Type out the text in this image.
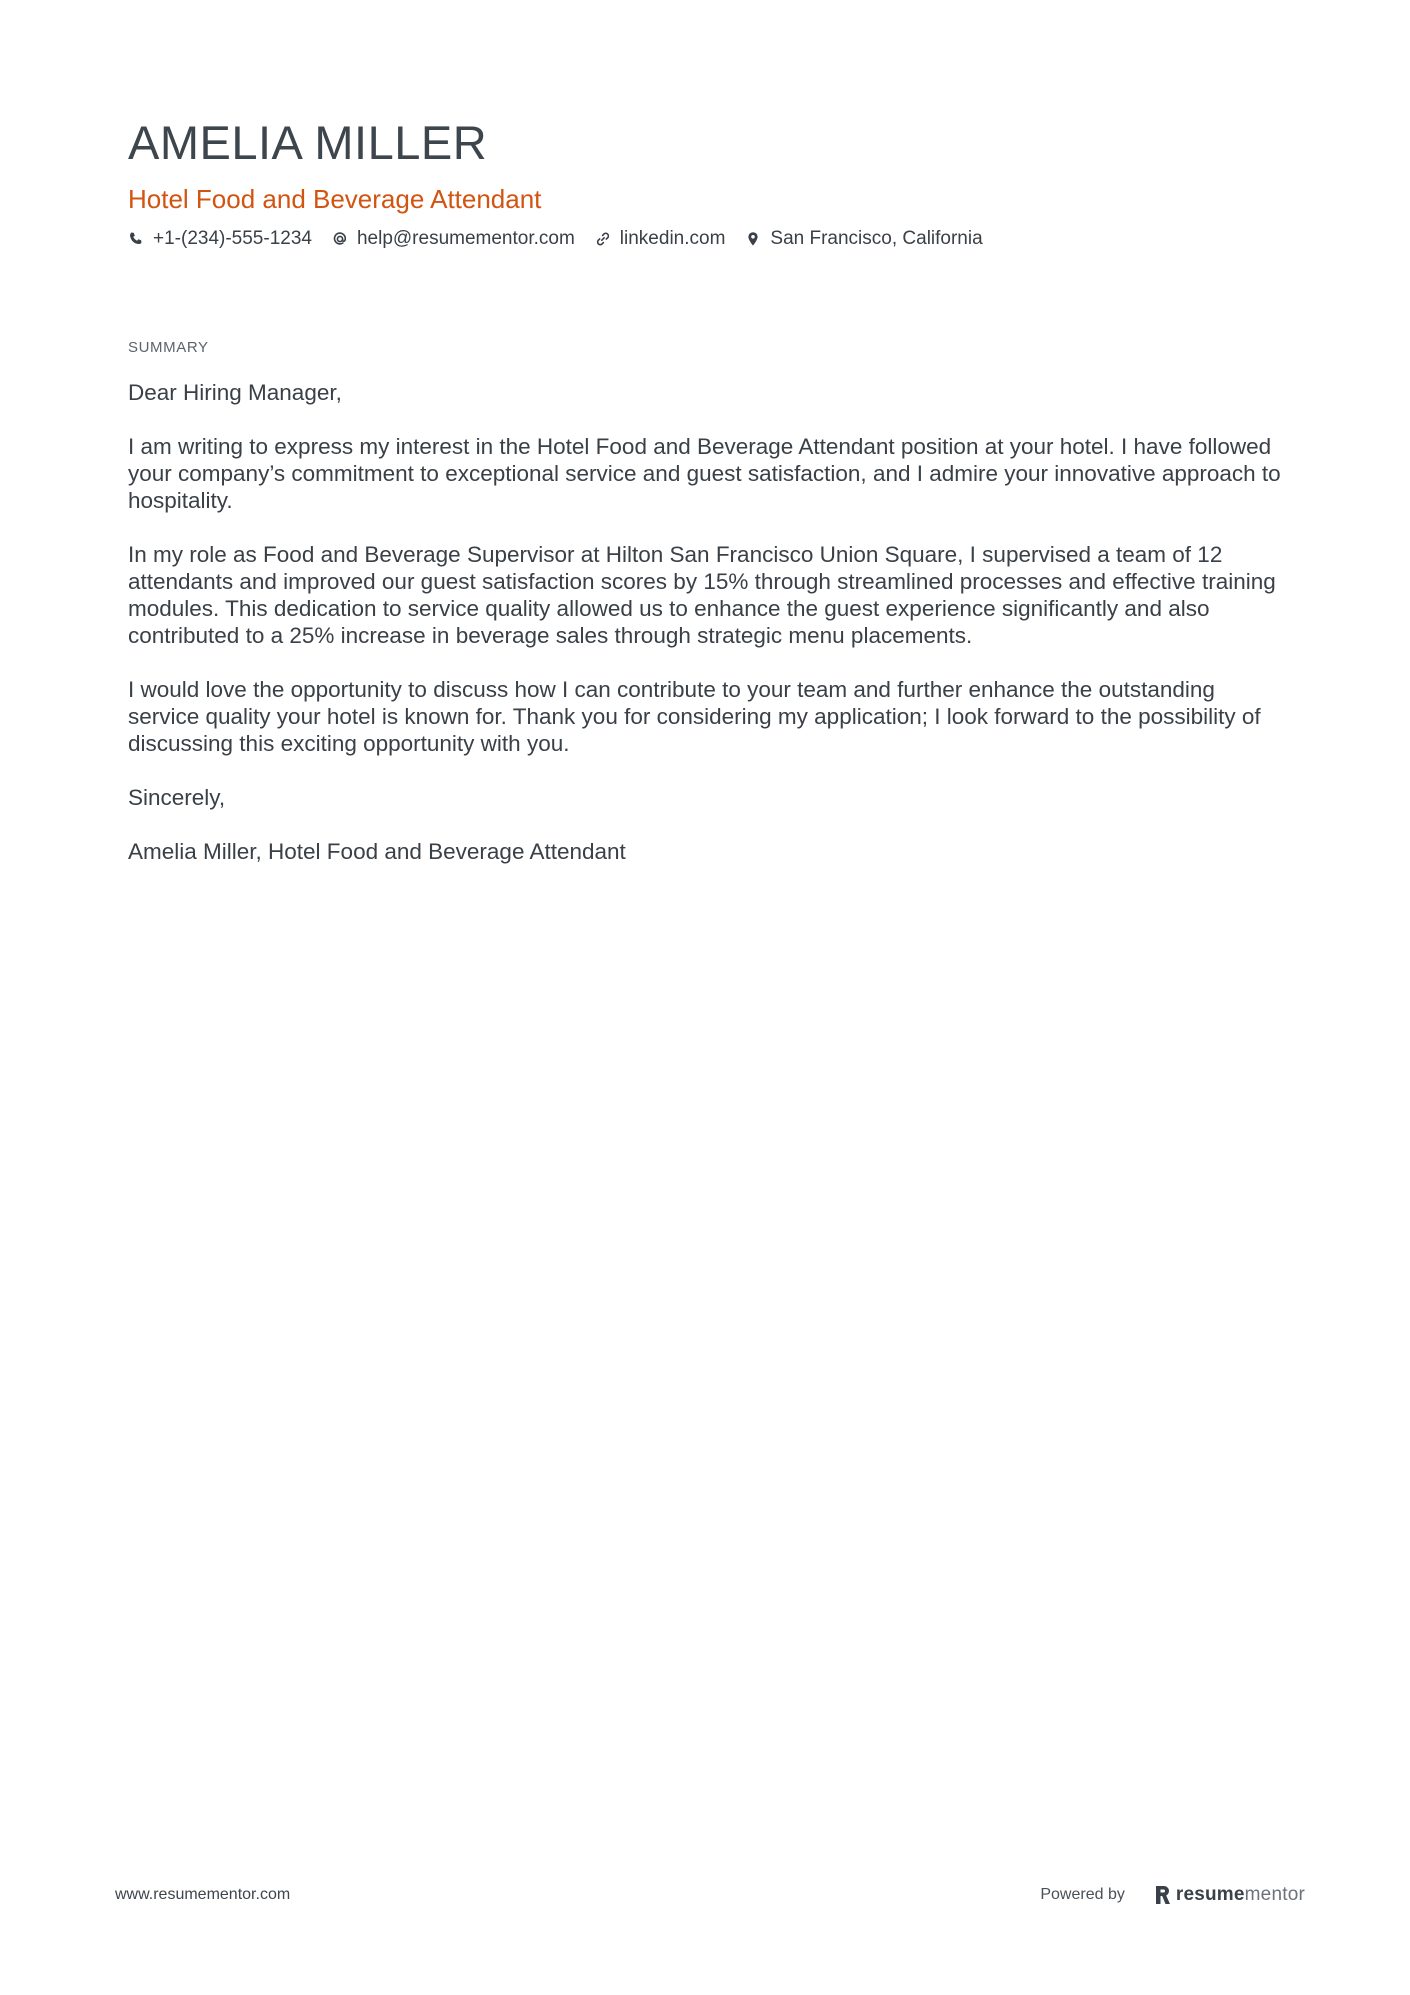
AMELIA MILLER
Hotel Food and Beverage Attendant
+1-(234)-555-1234 help@resumementor.com linkedin.com San Francisco, California
SUMMARY

Dear Hiring Manager,

I am writing to express my interest in the Hotel Food and Beverage Attendant position at your hotel. I have followed your company’s commitment to exceptional service and guest satisfaction, and I admire your innovative approach to hospitality.

In my role as Food and Beverage Supervisor at Hilton San Francisco Union Square, I supervised a team of 12 attendants and improved our guest satisfaction scores by 15% through streamlined processes and effective training modules. This dedication to service quality allowed us to enhance the guest experience significantly and also contributed to a 25% increase in beverage sales through strategic menu placements.

I would love the opportunity to discuss how I can contribute to your team and further enhance the outstanding service quality your hotel is known for. Thank you for considering my application; I look forward to the possibility of discussing this exciting opportunity with you.

Sincerely,

Amelia Miller, Hotel Food and Beverage Attendant

www.resumementor.com	Powered by	resume mentor
